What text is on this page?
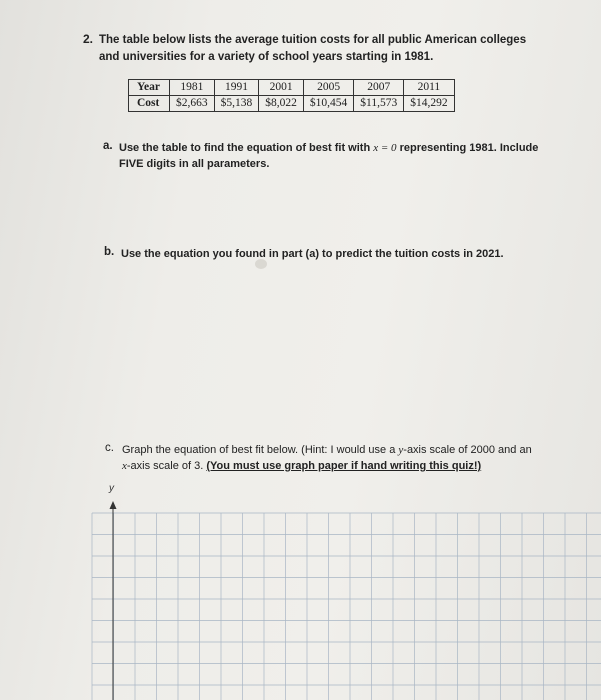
2. The table below lists the average tuition costs for all public American colleges and universities for a variety of school years starting in 1981.
Year	1981	1991	2001	2005	2007	2011
Cost	$2,663	$5,138	$8,022	$10,454	$11,573	$14,292
a. Use the table to find the equation of best fit with x = 0 representing 1981. Include FIVE digits in all parameters.
b. Use the equation you found in part (a) to predict the tuition costs in 2021.
c. Graph the equation of best fit below. (Hint: I would use a y-axis scale of 2000 and an x-axis scale of 3. (You must use graph paper if hand writing this quiz!)
y
